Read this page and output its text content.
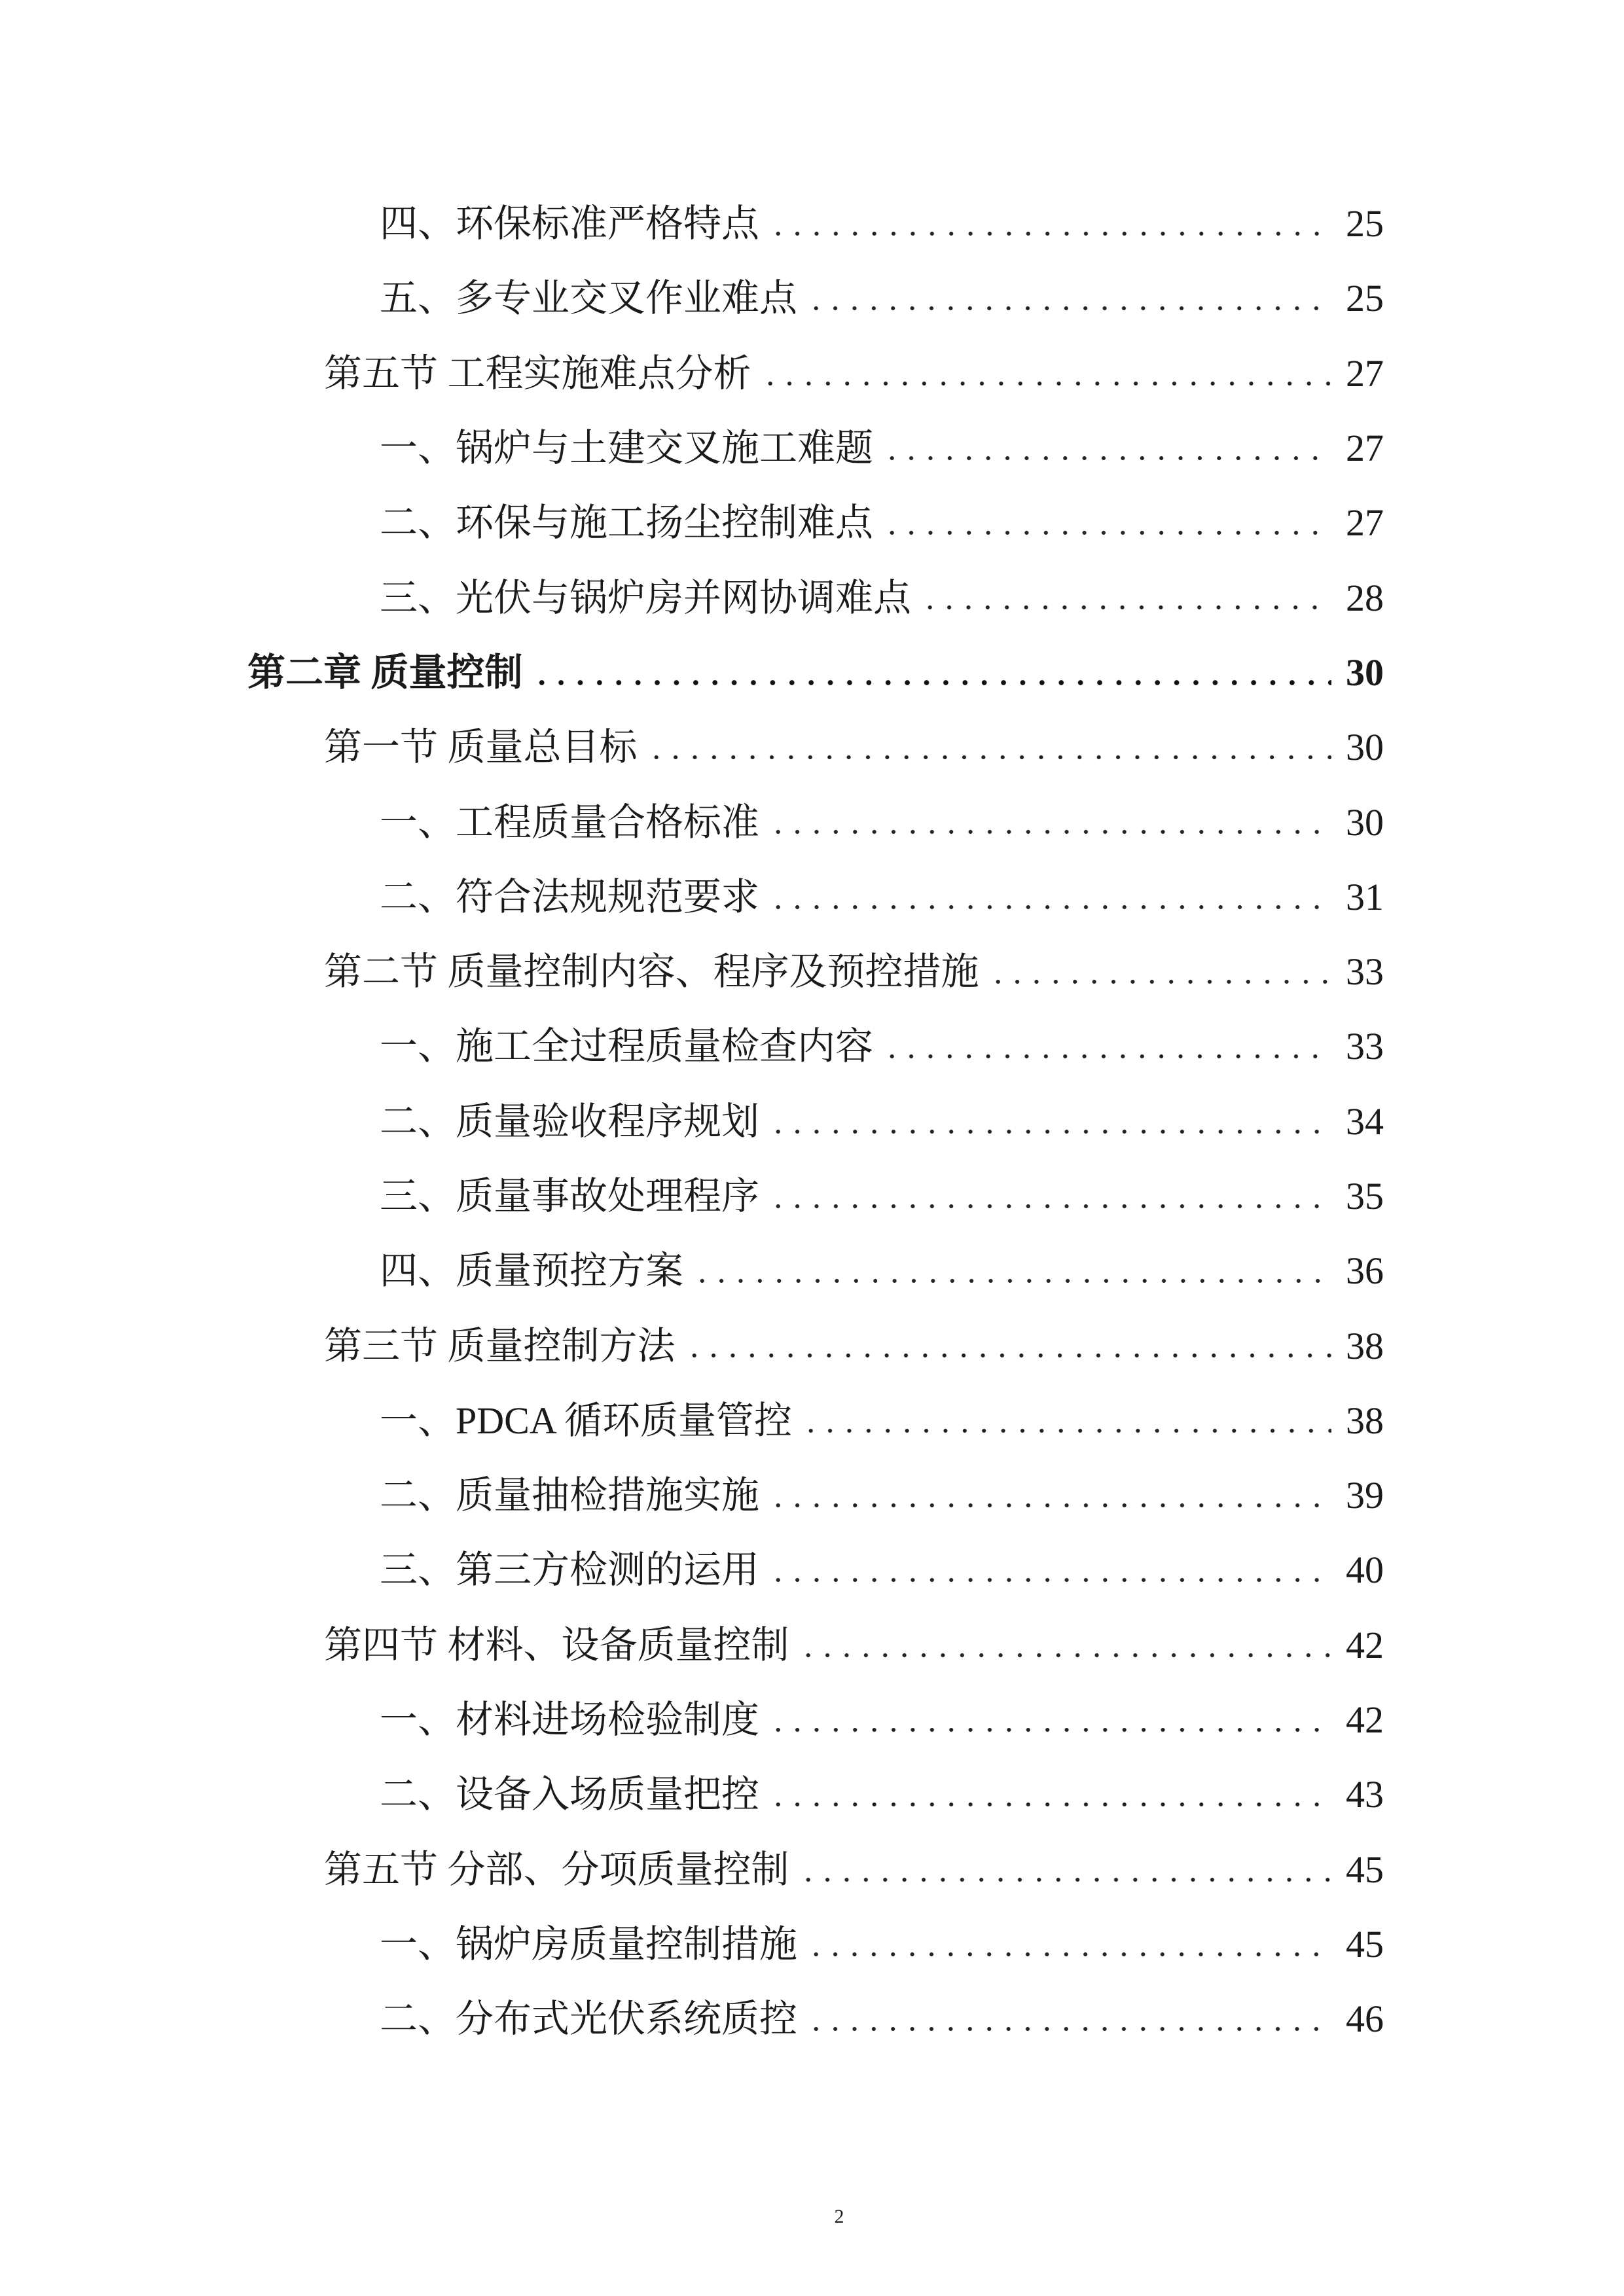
四、环保标准严格特点	25
五、多专业交叉作业难点	25
第五节 工程实施难点分析	27
一、锅炉与土建交叉施工难题	27
二、环保与施工扬尘控制难点	27
三、光伏与锅炉房并网协调难点	28
第二章 质量控制	30
第一节 质量总目标	30
一、工程质量合格标准	30
二、符合法规规范要求	31
第二节 质量控制内容、程序及预控措施	33
一、施工全过程质量检查内容	33
二、质量验收程序规划	34
三、质量事故处理程序	35
四、质量预控方案	36
第三节 质量控制方法	38
一、PDCA 循环质量管控	38
二、质量抽检措施实施	39
三、第三方检测的运用	40
第四节 材料、设备质量控制	42
一、材料进场检验制度	42
二、设备入场质量把控	43
第五节 分部、分项质量控制	45
一、锅炉房质量控制措施	45
二、分布式光伏系统质控	46
2
